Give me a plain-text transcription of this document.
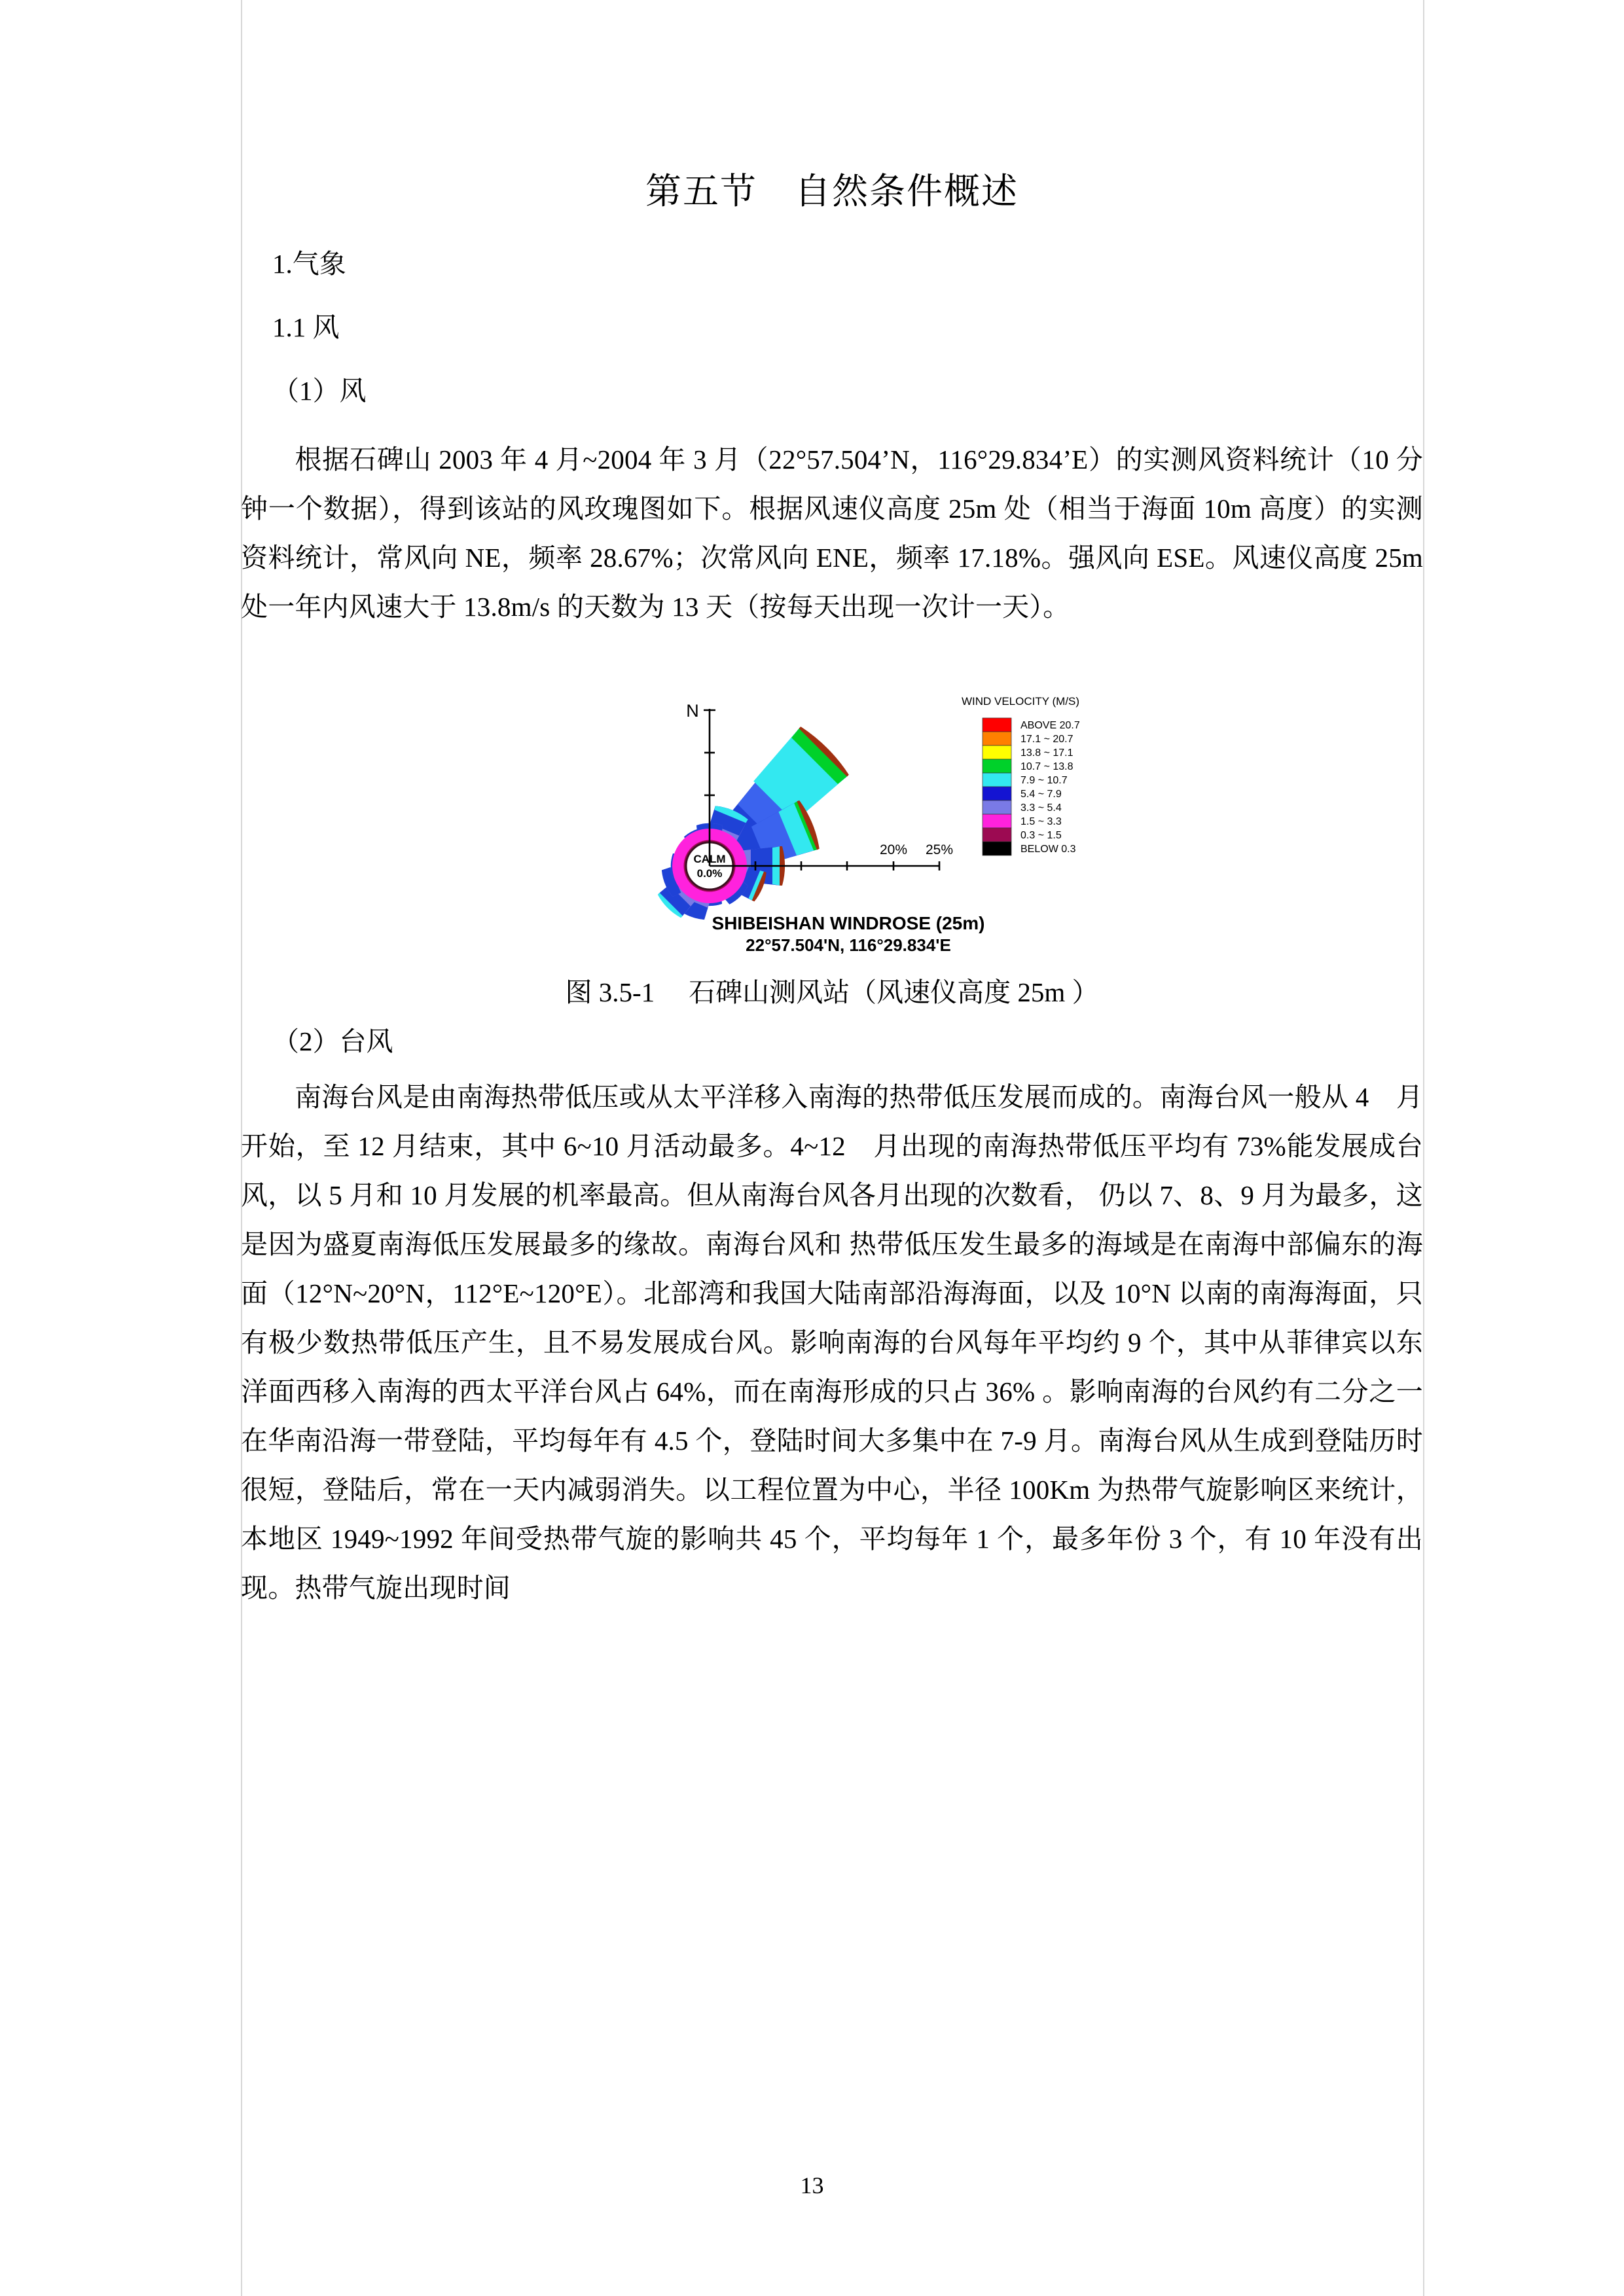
第五节　自然条件概述

1.气象

1.1 风

（1）风

根据石碑山 2003 年 4 月~2004 年 3 月（22°57.504’N，116°29.834’E）的实测风资料统计（10 分钟一个数据），得到该站的风玫瑰图如下。根据风速仪高度 25m 处（相当于海面 10m 高度）的实测资料统计，常风向 NE，频率 28.67%；次常风向 ENE，频率 17.18%。强风向 ESE。风速仪高度 25m 处一年内风速大于 13.8m/s 的天数为 13 天（按每天出现一次计一天）。

CALM
0.0%
N
20% 25%
SHIBEISHAN WINDROSE (25m)
22°57.504'N, 116°29.834'E
WIND VELOCITY (M/S)
ABOVE 20.7
17.1 ~ 20.7
13.8 ~ 17.1
10.7 ~ 13.8
7.9 ~ 10.7
5.4 ~ 7.9
3.3 ~ 5.4
1.5 ~ 3.3
0.3 ~ 1.5
BELOW 0.3

图 3.5-1 石碑山测风站（风速仪高度 25m ）

（2）台风

南海台风是由南海热带低压或从太平洋移入南海的热带低压发展而成的。南海台风一般从 4　月开始，至 12 月结束，其中 6~10 月活动最多。4~12　月出现的南海热带低压平均有 73%能发展成台风，以 5 月和 10 月发展的机率最高。但从南海台风各月出现的次数看， 仍以 7、8、9 月为最多，这是因为盛夏南海低压发展最多的缘故。南海台风和 热带低压发生最多的海域是在南海中部偏东的海面（12°N~20°N，112°E~120°E）。北部湾和我国大陆南部沿海海面，以及 10°N 以南的南海海面，只有极少数热带低压产生，且不易发展成台风。影响南海的台风每年平均约 9 个，其中从菲律宾以东洋面西移入南海的西太平洋台风占 64%，而在南海形成的只占 36% 。影响南海的台风约有二分之一在华南沿海一带登陆，平均每年有 4.5 个，登陆时间大多集中在 7-9 月。南海台风从生成到登陆历时很短，登陆后，常在一天内减弱消失。以工程位置为中心，半径 100Km 为热带气旋影响区来统计，本地区 1949~1992 年间受热带气旋的影响共 45 个，平均每年 1 个，最多年份 3 个，有 10 年没有出现。热带气旋出现时间

13
